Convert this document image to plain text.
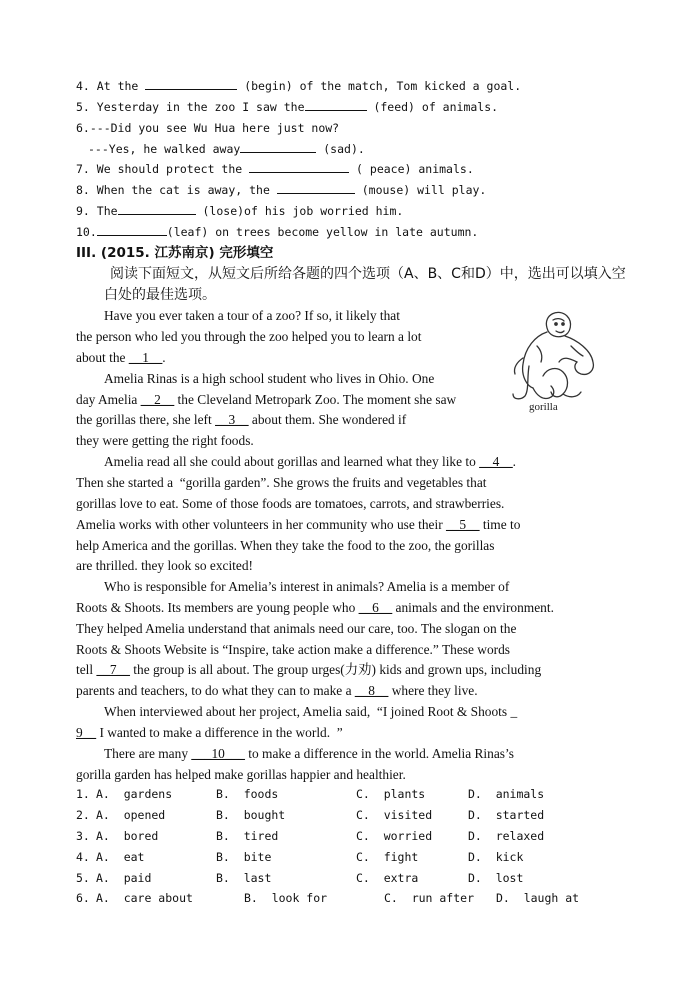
4. At the	(begin) of the match, Tom kicked a goal.
5. Yesterday in the zoo I saw the	(feed) of animals.
6.---Did you see Wu Hua here just now?
---Yes, he walked away	(sad).
7. We should protect the	( peace) animals.
8. When the cat is away, the	(mouse) will play.
9. The	(lose)of his job worried him.
10.	(leaf) on trees become yellow in late autumn.
III. (2015. 江苏南京) 完形填空
阅读下面短文，从短文后所给各题的四个选项（A、B、C和D）中，选出可以填入空
白处的最佳选项。
gorilla
Have you ever taken a tour of a zoo? If so, it likely that
the person who led you through the zoo helped you to learn a lot
about the __1__.
Amelia Rinas is a high school student who lives in Ohio. One
day Amelia __2__ the Cleveland Metropark Zoo. The moment she saw
the gorillas there, she left __3__ about them. She wondered if
they were getting the right foods.
Amelia read all she could about gorillas and learned what they like to __4__.
Then she started a  “gorilla garden”. She grows the fruits and vegetables that
gorillas love to eat. Some of those foods are tomatoes, carrots, and strawberries.
Amelia works with other volunteers in her community who use their __5__ time to
help America and the gorillas. When they take the food to the zoo, the gorillas
are thrilled. they look so excited!
Who is responsible for Amelia’s interest in animals? Amelia is a member of
Roots & Shoots. Its members are young people who __6__ animals and the environment.
They helped Amelia understand that animals need our care, too. The slogan on the
Roots & Shoots Website is “Inspire, take action make a difference.” These words
tell __7__ the group is all about. The group urges(力劝) kids and grown ups, including
parents and teachers, to do what they can to make a __8__ where they live.
When interviewed about her project, Amelia said,  “I joined Root & Shoots _
9__ I wanted to make a difference in the world.  ”
There are many ___10___ to make a difference in the world. Amelia Rinas’s
gorilla garden has helped make gorillas happier and healthier.
1. A.  gardens	B.  foods	C.  plants	D.  animals
2. A.  opened	B.  bought	C.  visited	D.  started
3. A.  bored	B.  tired	C.  worried	D.  relaxed
4. A.  eat	B.  bite	C.  fight	D.  kick
5. A.  paid	B.  last	C.  extra	D.  lost
6. A.  care about	B.  look for	C.  run after D.  laugh at
